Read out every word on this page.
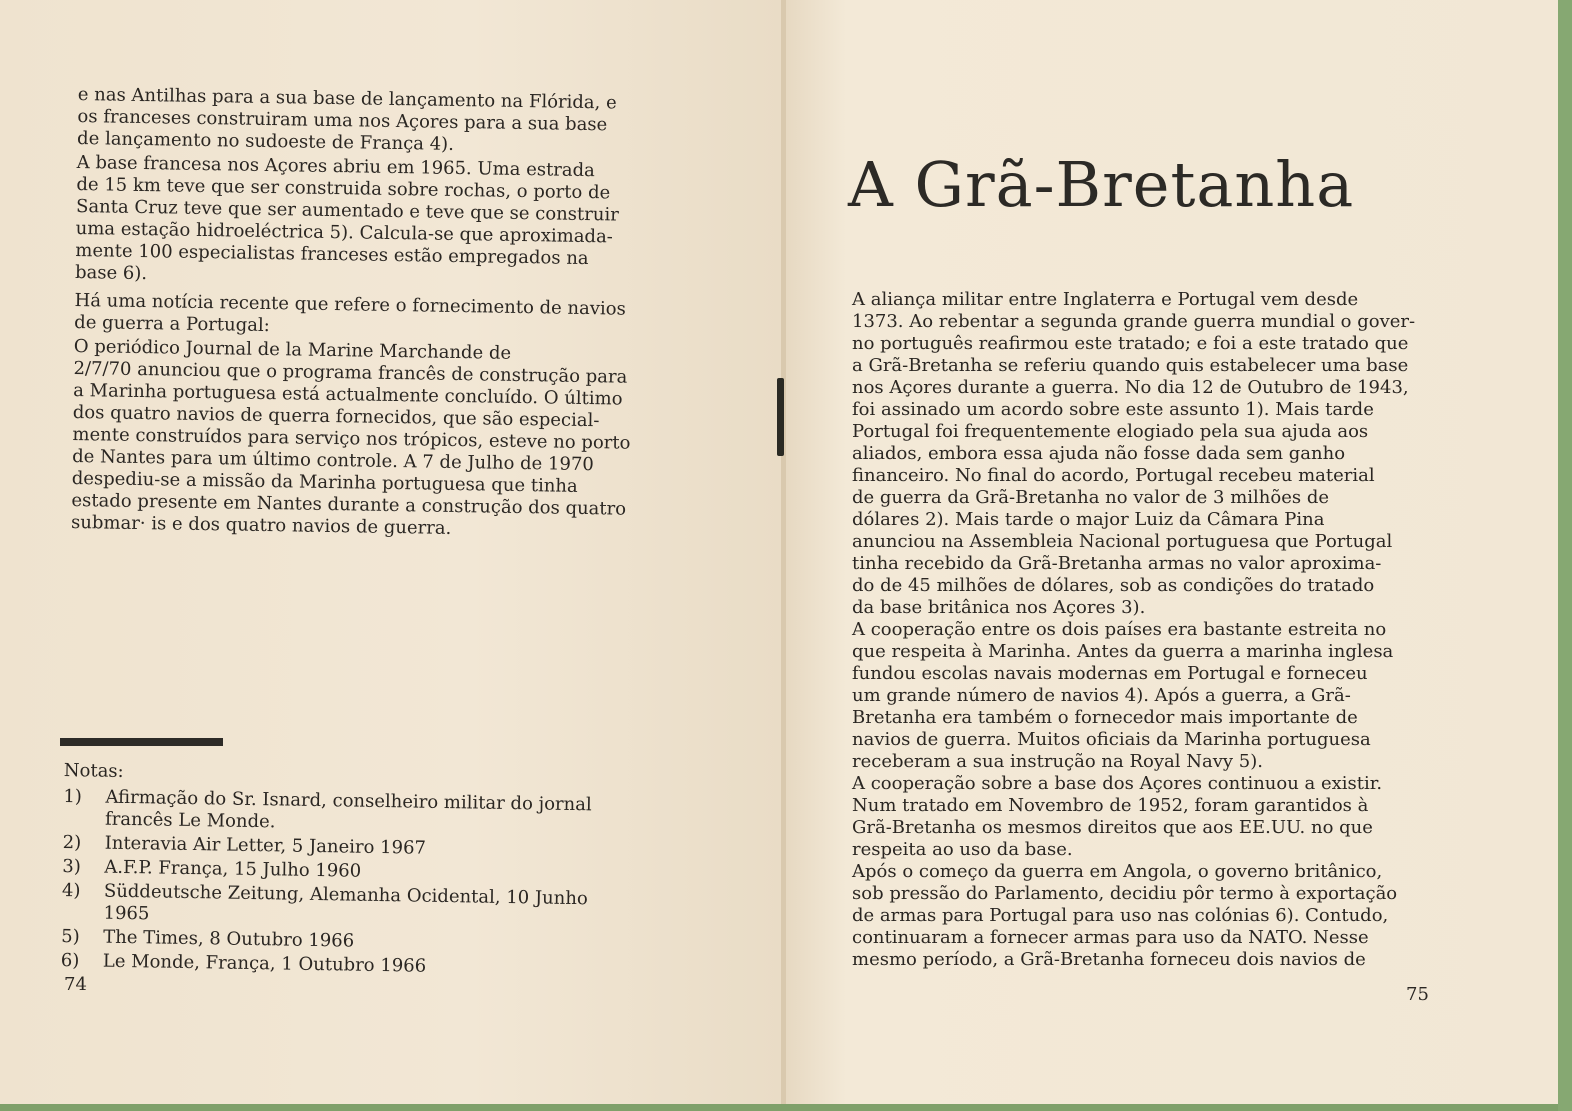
e nas Antilhas para a sua base de lançamento na Flórida, e
os franceses construiram uma nos Açores para a sua base
de lançamento no sudoeste de França 4).

A base francesa nos Açores abriu em 1965. Uma estrada
de 15 km teve que ser construida sobre rochas, o porto de
Santa Cruz teve que ser aumentado e teve que se construir
uma estação hidroeléctrica 5). Calcula-se que aproximada-
mente 100 especialistas franceses estão empregados na
base 6).

Há uma notícia recente que refere o fornecimento de navios
de guerra a Portugal:

O periódico Journal de la Marine Marchande de
2/7/70 anunciou que o programa francês de construção para
a Marinha portuguesa está actualmente concluído. O último
dos quatro navios de querra fornecidos, que são especial-
mente construídos para serviço nos trópicos, esteve no porto
de Nantes para um último controle. A 7 de Julho de 1970
despediu-se a missão da Marinha portuguesa que tinha
estado presente em Nantes durante a construção dos quatro
submar· is e dos quatro navios de guerra.

Notas:

1)	Afirmação do Sr. Isnard, conselheiro militar do jornal
francês Le Monde.
2)	Interavia Air Letter, 5 Janeiro 1967
3)	A.F.P. França, 15 Julho 1960
4)	Süddeutsche Zeitung, Alemanha Ocidental, 10 Junho
1965
5)	The Times, 8 Outubro 1966
6)	Le Monde, França, 1 Outubro 1966
74
A Grã-Bretanha

A aliança militar entre Inglaterra e Portugal vem desde
1373. Ao rebentar a segunda grande guerra mundial o gover-
no português reafirmou este tratado; e foi a este tratado que
a Grã-Bretanha se referiu quando quis estabelecer uma base
nos Açores durante a guerra. No dia 12 de Outubro de 1943,
foi assinado um acordo sobre este assunto 1). Mais tarde
Portugal foi frequentemente elogiado pela sua ajuda aos
aliados, embora essa ajuda não fosse dada sem ganho
financeiro. No final do acordo, Portugal recebeu material
de guerra da Grã-Bretanha no valor de 3 milhões de
dólares 2). Mais tarde o major Luiz da Câmara Pina
anunciou na Assembleia Nacional portuguesa que Portugal
tinha recebido da Grã-Bretanha armas no valor aproxima-
do de 45 milhões de dólares, sob as condições do tratado
da base britânica nos Açores 3).

A cooperação entre os dois países era bastante estreita no
que respeita à Marinha. Antes da guerra a marinha inglesa
fundou escolas navais modernas em Portugal e forneceu
um grande número de navios 4). Após a guerra, a Grã-
Bretanha era também o fornecedor mais importante de
navios de guerra. Muitos oficiais da Marinha portuguesa
receberam a sua instrução na Royal Navy 5).

A cooperação sobre a base dos Açores continuou a existir.
Num tratado em Novembro de 1952, foram garantidos à
Grã-Bretanha os mesmos direitos que aos EE.UU. no que
respeita ao uso da base.

Após o começo da guerra em Angola, o governo britânico,
sob pressão do Parlamento, decidiu pôr termo à exportação
de armas para Portugal para uso nas colónias 6). Contudo,
continuaram a fornecer armas para uso da NATO. Nesse
mesmo período, a Grã-Bretanha forneceu dois navios de

75
